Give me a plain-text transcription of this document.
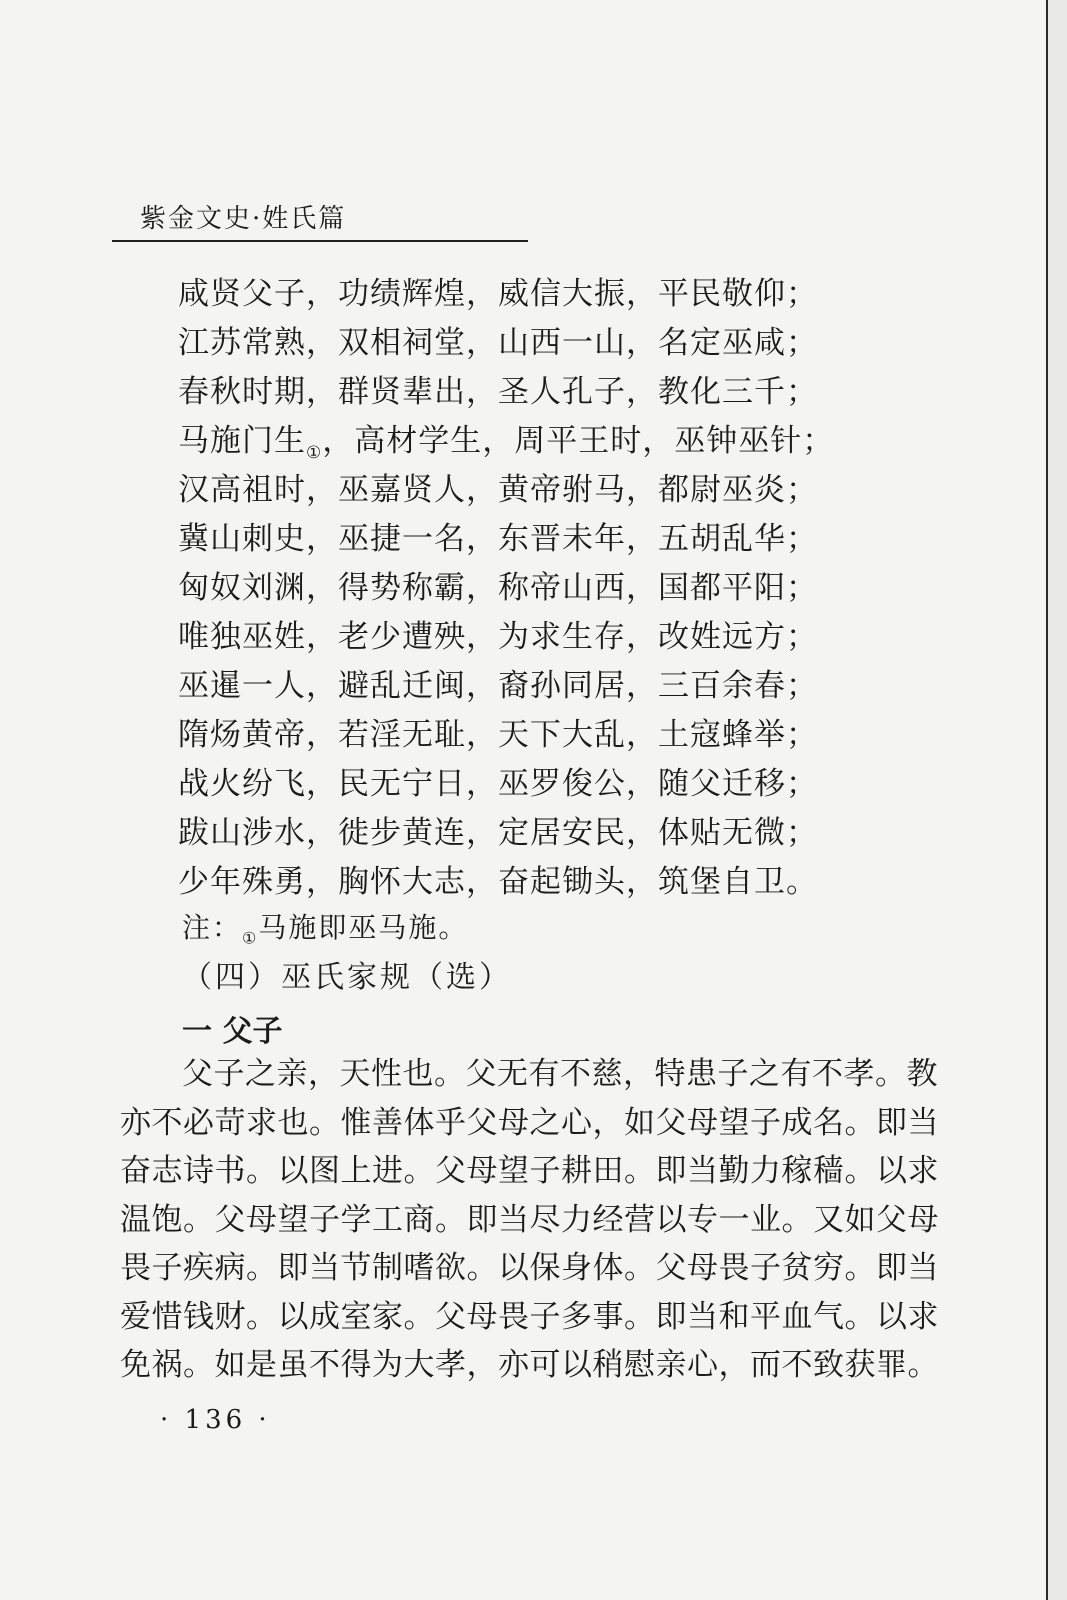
紫金文史·姓氏篇
咸贤父子，功绩辉煌，威信大振，平民敬仰；
江苏常熟，双相祠堂，山西一山，名定巫咸；
春秋时期，群贤辈出，圣人孔子，教化三千；
马施门生$_①$，高材学生，周平王时，巫钟巫针；
汉高祖时，巫嘉贤人，黄帝驸马，都尉巫炎；
冀山刺史，巫捷一名，东晋未年，五胡乱华；
匈奴刘渊，得势称霸，称帝山西，国都平阳；
唯独巫姓，老少遭殃，为求生存，改姓远方；
巫暹一人，避乱迁闽，裔孙同居，三百余春；
隋炀黄帝，若淫无耻，天下大乱，土寇蜂举；
战火纷飞，民无宁日，巫罗俊公，随父迁移；
跋山涉水，徙步黄连，定居安民，体贴无微；
少年殊勇，胸怀大志，奋起锄头，筑堡自卫。
注：$_①$马施即巫马施。
（四）巫氏家规（选）
一 父子
父子之亲，天性也。父无有不慈，特患子之有不孝。教
亦不必苛求也。惟善体乎父母之心，如父母望子成名。即当
奋志诗书。以图上进。父母望子耕田。即当勤力稼穑。以求
温饱。父母望子学工商。即当尽力经营以专一业。又如父母
畏子疾病。即当节制嗜欲。以保身体。父母畏子贫穷。即当
爱惜钱财。以成室家。父母畏子多事。即当和平血气。以求
免祸。如是虽不得为大孝，亦可以稍慰亲心，而不致获罪。
· 136 ·
